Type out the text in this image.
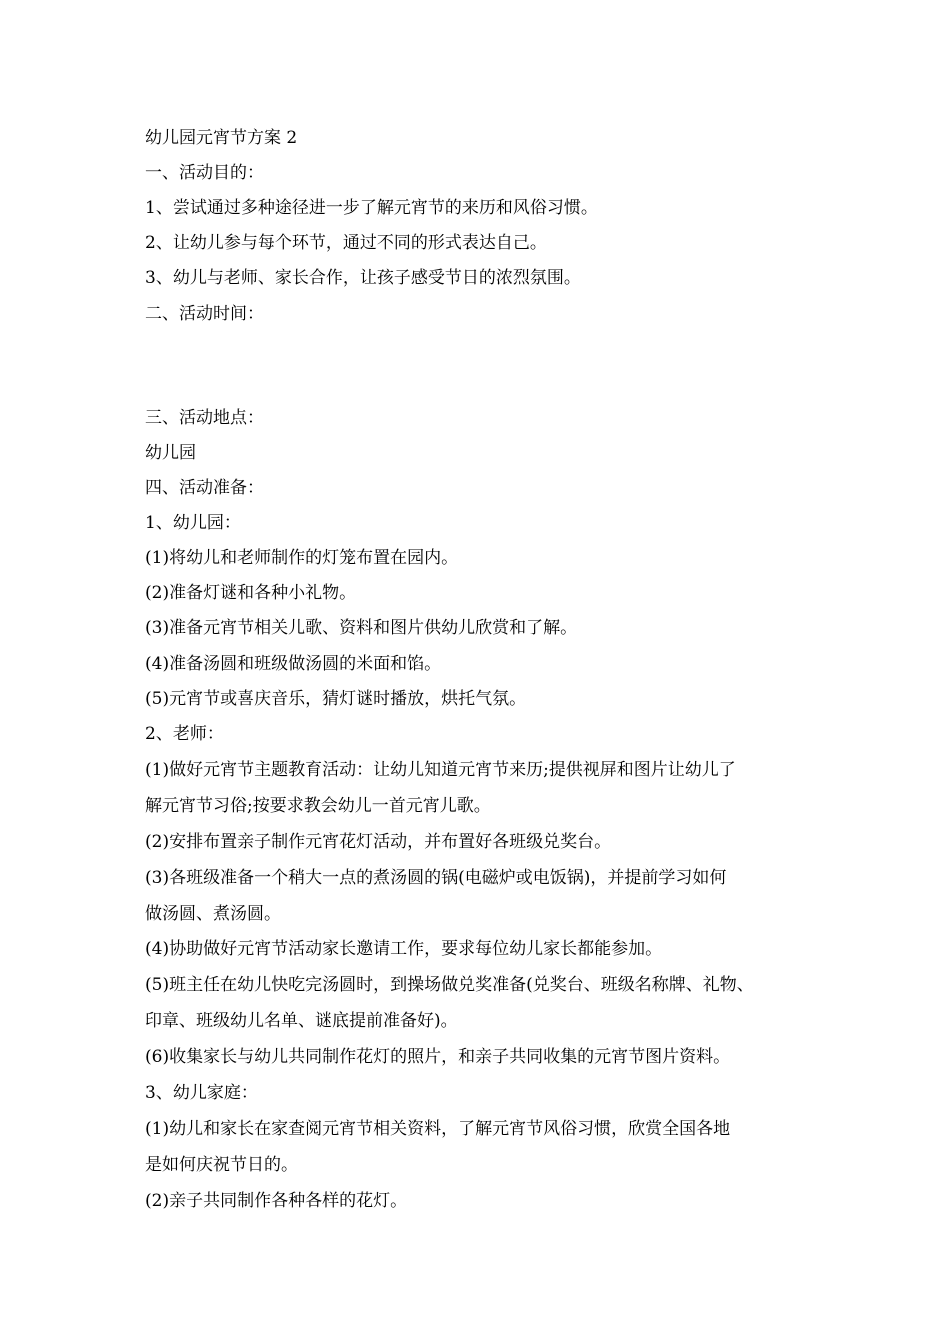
幼儿园元宵节方案 2
一、活动目的：
1、尝试通过多种途径进一步了解元宵节的来历和风俗习惯。
2、让幼儿参与每个环节，通过不同的形式表达自己。
3、幼儿与老师、家长合作，让孩子感受节日的浓烈氛围。
二、活动时间：
三、活动地点：
幼儿园
四、活动准备：
1、幼儿园：
(1)将幼儿和老师制作的灯笼布置在园内。
(2)准备灯谜和各种小礼物。
(3)准备元宵节相关儿歌、资料和图片供幼儿欣赏和了解。
(4)准备汤圆和班级做汤圆的米面和馅。
(5)元宵节或喜庆音乐，猜灯谜时播放，烘托气氛。
2、老师：
(1)做好元宵节主题教育活动：让幼儿知道元宵节来历;提供视屏和图片让幼儿了
解元宵节习俗;按要求教会幼儿一首元宵儿歌。
(2)安排布置亲子制作元宵花灯活动，并布置好各班级兑奖台。
(3)各班级准备一个稍大一点的煮汤圆的锅(电磁炉或电饭锅)，并提前学习如何
做汤圆、煮汤圆。
(4)协助做好元宵节活动家长邀请工作，要求每位幼儿家长都能参加。
(5)班主任在幼儿快吃完汤圆时，到操场做兑奖准备(兑奖台、班级名称牌、礼物、
印章、班级幼儿名单、谜底提前准备好)。
(6)收集家长与幼儿共同制作花灯的照片，和亲子共同收集的元宵节图片资料。
3、幼儿家庭：
(1)幼儿和家长在家查阅元宵节相关资料，了解元宵节风俗习惯，欣赏全国各地
是如何庆祝节日的。
(2)亲子共同制作各种各样的花灯。
